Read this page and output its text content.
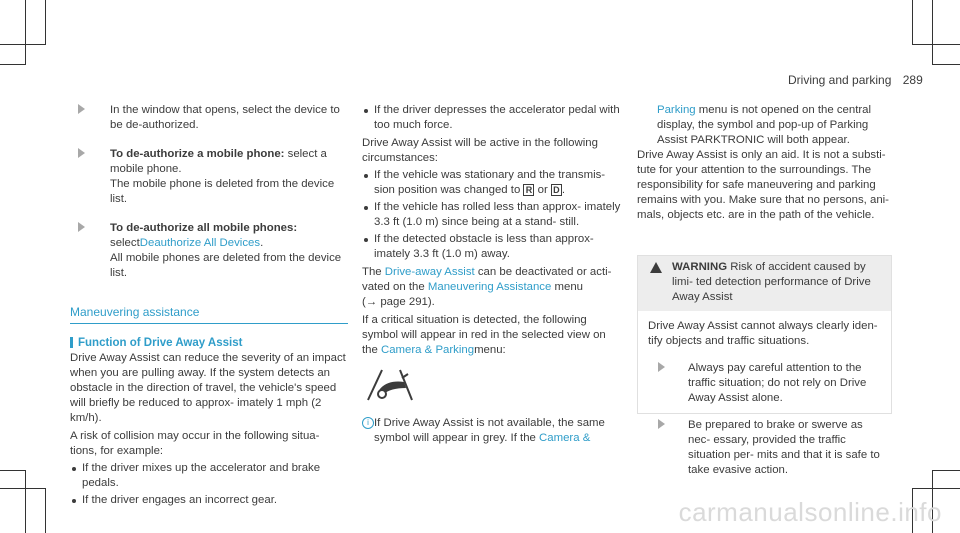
Driving and parking 289

In the window that opens, select the device to be de-authorized.

To de-authorize a mobile phone: select a mobile phone.

The mobile phone is deleted from the device list.

To de-authorize all mobile phones:

selectDeauthorize All Devices.

All mobile phones are deleted from the device list.

Maneuvering assistance

Function of Drive Away Assist

Drive Away Assist can reduce the severity of an impact when you are pulling away. If the system detects an obstacle in the direction of travel, the vehicle's speed will briefly be reduced to approx- imately 1 mph (2 km/h).

A risk of collision may occur in the following situa- tions, for example:

If the driver mixes up the accelerator and brake pedals.

If the driver engages an incorrect gear.

If the driver depresses the accelerator pedal with too much force.

Drive Away Assist will be active in the following circumstances:

If the vehicle was stationary and the transmis- sion position was changed to R or D .

If the vehicle has rolled less than approx- imately 3.3 ft (1.0 m) since being at a stand- still.

If the detected obstacle is less than approx- imately 3.3 ft (1.0 m) away.

The Drive-away Assist can be deactivated or acti- vated on the Maneuvering Assistance menu

(→ page 291).

If a critical situation is detected, the following symbol will appear in red in the selected view on the Camera & Parkingmenu:

i If Drive Away Assist is not available, the same symbol will appear in grey. If the Camera &

Parking menu is not opened on the central display, the symbol and pop-up of Parking Assist PARKTRONIC will both appear.

Drive Away Assist is only an aid. It is not a substi- tute for your attention to the surroundings. The responsibility for safe maneuvering and parking remains with you. Make sure that no persons, ani- mals, objects etc. are in the path of the vehicle.

WARNING Risk of accident caused by limi- ted detection performance of Drive Away Assist

Drive Away Assist cannot always clearly iden- tify objects and traffic situations.

Always pay careful attention to the traffic situation; do not rely on Drive Away Assist alone.

Be prepared to brake or swerve as nec- essary, provided the traffic situation per- mits and that it is safe to take evasive action.

carmanualsonline.info
